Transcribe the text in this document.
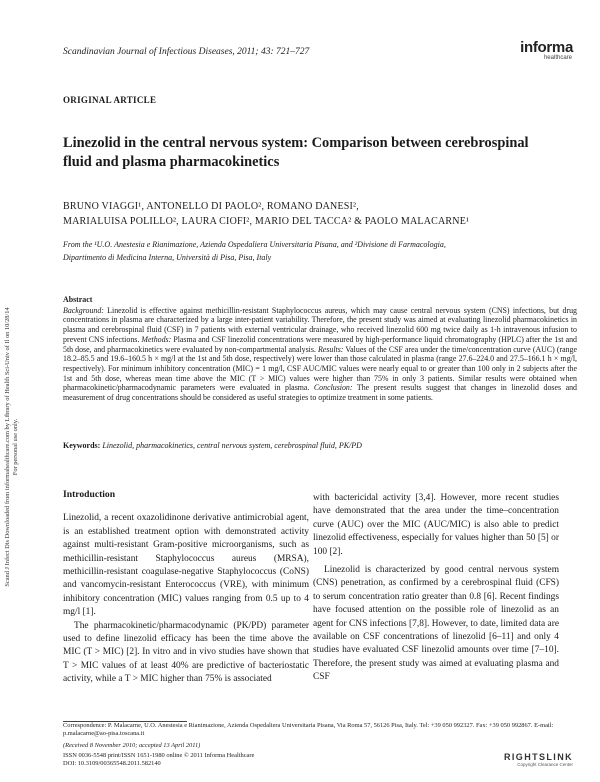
Scand J Infect Dis Downloaded from informahealthcare.com by Library of Health Sci-Univ of Il on 10/28/14 For personal use only.
Scandinavian Journal of Infectious Diseases, 2011; 43: 721–727	informa
healthcare
ORIGINAL ARTICLE
Linezolid in the central nervous system: Comparison between cerebrospinal fluid and plasma pharmacokinetics
BRUNO VIAGGI¹, ANTONELLO DI PAOLO², ROMANO DANESI²,
MARIALUISA POLILLO², LAURA CIOFI², MARIO DEL TACCA² & PAOLO MALACARNE¹
From the ¹U.O. Anestesia e Rianimazione, Azienda Ospedaliera Universitaria Pisana, and ²Divisione di Farmacologia,
Dipartimento di Medicina Interna, Università di Pisa, Pisa, Italy
Abstract
Background: Linezolid is effective against methicillin-resistant Staphylococcus aureus, which may cause central nervous system (CNS) infections, but drug concentrations in plasma are characterized by a large inter-patient variability. Therefore, the present study was aimed at evaluating linezolid pharmacokinetics in plasma and cerebrospinal fluid (CSF) in 7 patients with external ventricular drainage, who received linezolid 600 mg twice daily as 1-h intravenous infusion to prevent CNS infections. Methods: Plasma and CSF linezolid concentrations were measured by high-performance liquid chromatography (HPLC) after the 1st and 5th dose, and pharmacokinetics were evaluated by non-compartmental analysis. Results: Values of the CSF area under the time/concentration curve (AUC) (range 18.2–85.5 and 19.6–160.5 h × mg/l at the 1st and 5th dose, respectively) were lower than those calculated in plasma (range 27.6–224.0 and 27.5–166.1 h × mg/l, respectively). For minimum inhibitory concentration (MIC) = 1 mg/l, CSF AUC/MIC values were nearly equal to or greater than 100 only in 2 subjects after the 1st and 5th dose, whereas mean time above the MIC (T > MIC) values were higher than 75% in only 3 patients. Similar results were obtained when pharmacokinetic/pharmacodynamic parameters were evaluated in plasma. Conclusion: The present results suggest that changes in linezolid doses and measurement of drug concentrations should be considered as useful strategies to optimize treatment in some patients.
Keywords: Linezolid, pharmacokinetics, central nervous system, cerebrospinal fluid, PK/PD
Introduction

Linezolid, a recent oxazolidinone derivative antimicrobial agent, is an established treatment option with demonstrated activity against multi-resistant Gram-positive microorganisms, such as methicillin-resistant Staphylococcus aureus (MRSA), methicillin-resistant coagulase-negative Staphylococcus (CoNS) and vancomycin-resistant Enterococcus (VRE), with minimum inhibitory concentration (MIC) values ranging from 0.5 up to 4 mg/l [1].

The pharmacokinetic/pharmacodynamic (PK/PD) parameter used to define linezolid efficacy has been the time above the MIC (T > MIC) [2]. In vitro and in vivo studies have shown that T > MIC values of at least 40% are predictive of bacteriostatic activity, while a T > MIC higher than 75% is associated

with bactericidal activity [3,4]. However, more recent studies have demonstrated that the area under the time–concentration curve (AUC) over the MIC (AUC/MIC) is also able to predict linezolid effectiveness, especially for values higher than 50 [5] or 100 [2].

Linezolid is characterized by good central nervous system (CNS) penetration, as confirmed by a cerebrospinal fluid (CFS) to serum concentration ratio greater than 0.8 [6]. Recent findings have focused attention on the possible role of linezolid as an agent for CNS infections [7,8]. However, to date, limited data are available on CSF concentrations of linezolid [6–11] and only 4 studies have evaluated CSF linezolid amounts over time [7–10]. Therefore, the present study was aimed at evaluating plasma and CSF

Correspondence: P. Malacarne, U.O. Anestesia e Rianimazione, Azienda Ospedaliera Universitaria Pisana, Via Roma 57, 56126 Pisa, Italy. Tel: +39 050 992327. Fax: +39 050 992867. E-mail: p.malacarne@ao-pisa.toscana.it
(Received 8 November 2010; accepted 13 April 2011)
ISSN 0036-5548 print/ISSN 1651-1980 online © 2011 Informa Healthcare
DOI: 10.3109/00365548.2011.582140
RIGHTSLINK
Copyright Clearance Center
